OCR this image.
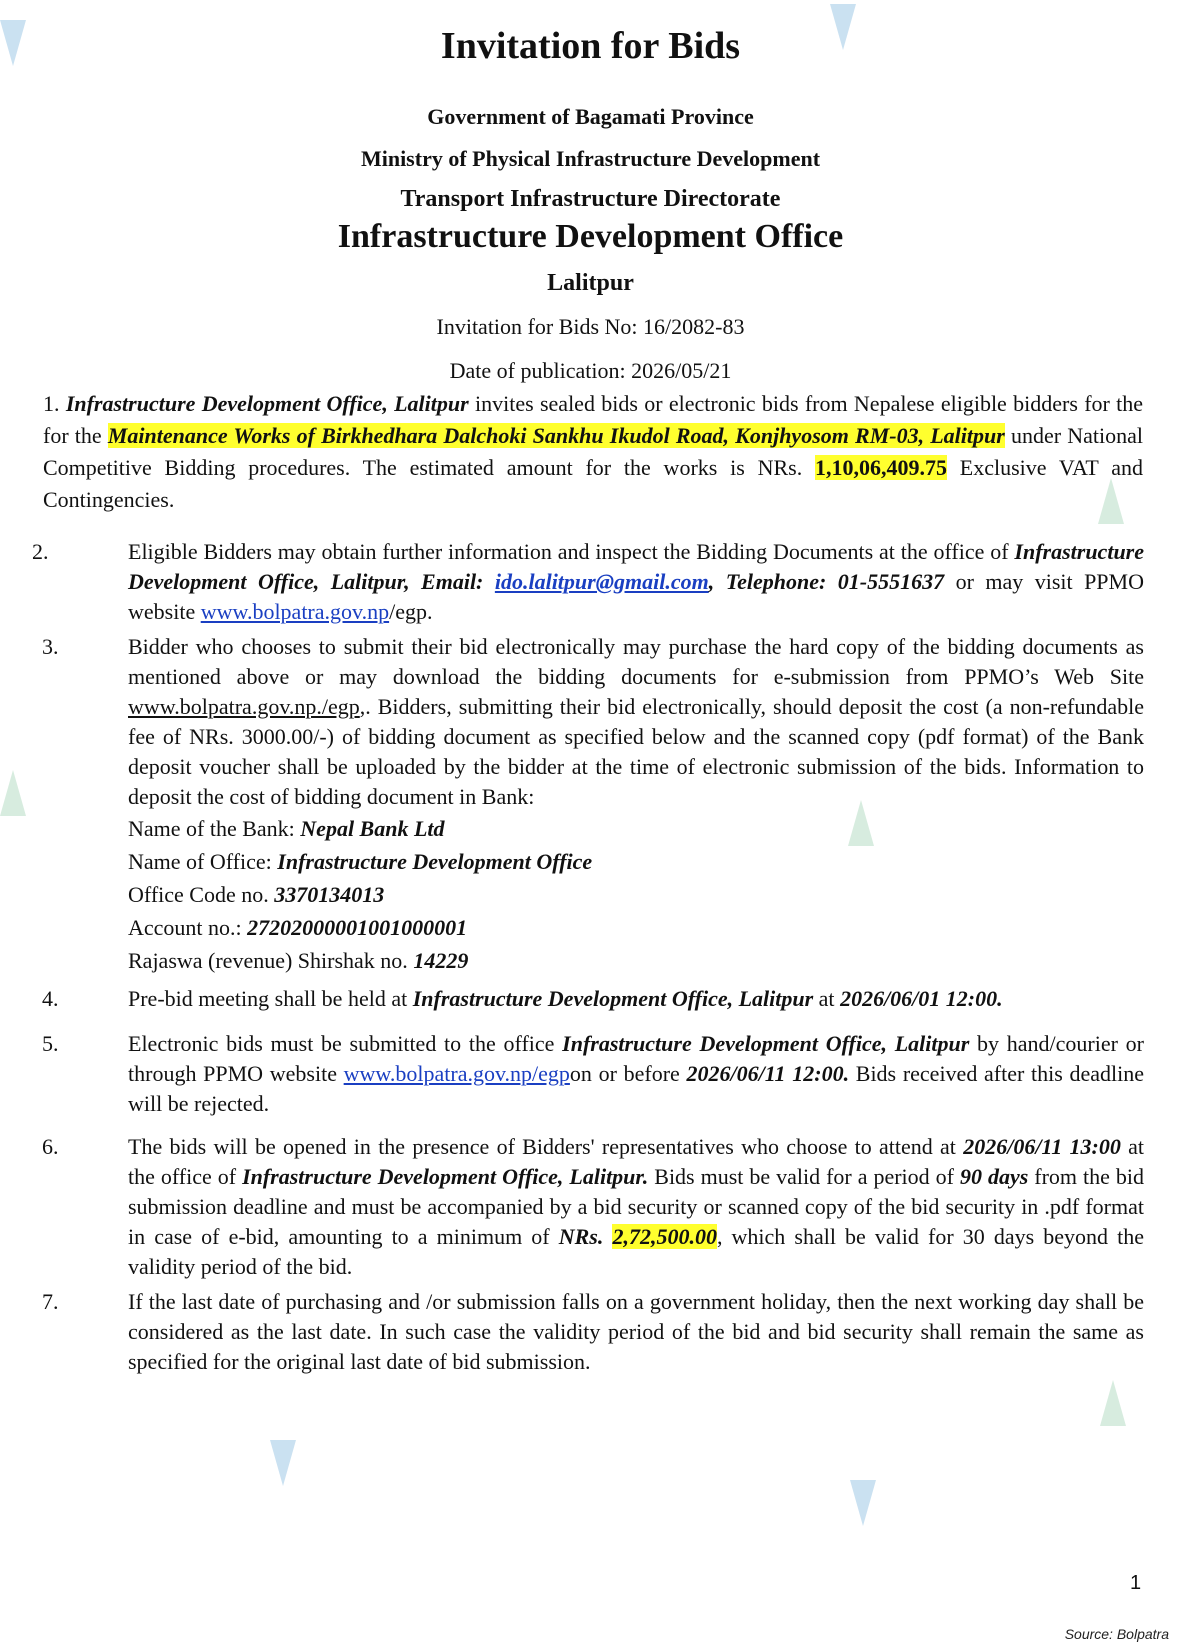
Invitation for Bids
Government of Bagamati Province
Ministry of Physical Infrastructure Development
Transport Infrastructure Directorate
Infrastructure Development Office
Lalitpur
Invitation for Bids No: 16/2082-83
Date of publication: 2026/05/21
1. Infrastructure Development Office, Lalitpur invites sealed bids or electronic bids from Nepalese eligible bidders for the for the Maintenance Works of Birkhedhara Dalchoki Sankhu Ikudol Road, Konjhyosom RM-03, Lalitpur under National Competitive Bidding procedures. The estimated amount for the works is NRs. 1,10,06,409.75 Exclusive VAT and Contingencies.
2.	Eligible Bidders may obtain further information and inspect the Bidding Documents at the office of Infrastructure Development Office, Lalitpur, Email: ido.lalitpur@gmail.com, Telephone: 01-5551637 or may visit PPMO website www.bolpatra.gov.np/egp.
3.	Bidder who chooses to submit their bid electronically may purchase the hard copy of the bidding documents as mentioned above or may download the bidding documents for e-submission from PPMO’s Web Site www.bolpatra.gov.np./egp,. Bidders, submitting their bid electronically, should deposit the cost (a non-refundable fee of NRs. 3000.00/-) of bidding document as specified below and the scanned copy (pdf format) of the Bank deposit voucher shall be uploaded by the bidder at the time of electronic submission of the bids. Information to deposit the cost of bidding document in Bank:
Name of the Bank: Nepal Bank Ltd
Name of Office: Infrastructure Development Office
Office Code no. 3370134013
Account no.: 27202000001001000001
Rajaswa (revenue) Shirshak no. 14229
4.	Pre-bid meeting shall be held at Infrastructure Development Office, Lalitpur at 2026/06/01 12:00.
5.	Electronic bids must be submitted to the office Infrastructure Development Office, Lalitpur by hand/courier or through PPMO website www.bolpatra.gov.np/egpon or before 2026/06/11 12:00. Bids received after this deadline will be rejected.
6.	The bids will be opened in the presence of Bidders' representatives who choose to attend at 2026/06/11 13:00 at the office of Infrastructure Development Office, Lalitpur. Bids must be valid for a period of 90 days from the bid submission deadline and must be accompanied by a bid security or scanned copy of the bid security in .pdf format in case of e-bid, amounting to a minimum of NRs. 2,72,500.00, which shall be valid for 30 days beyond the validity period of the bid.
7.	If the last date of purchasing and /or submission falls on a government holiday, then the next working day shall be considered as the last date. In such case the validity period of the bid and bid security shall remain the same as specified for the original last date of bid submission.
1
Source: Bolpatra
